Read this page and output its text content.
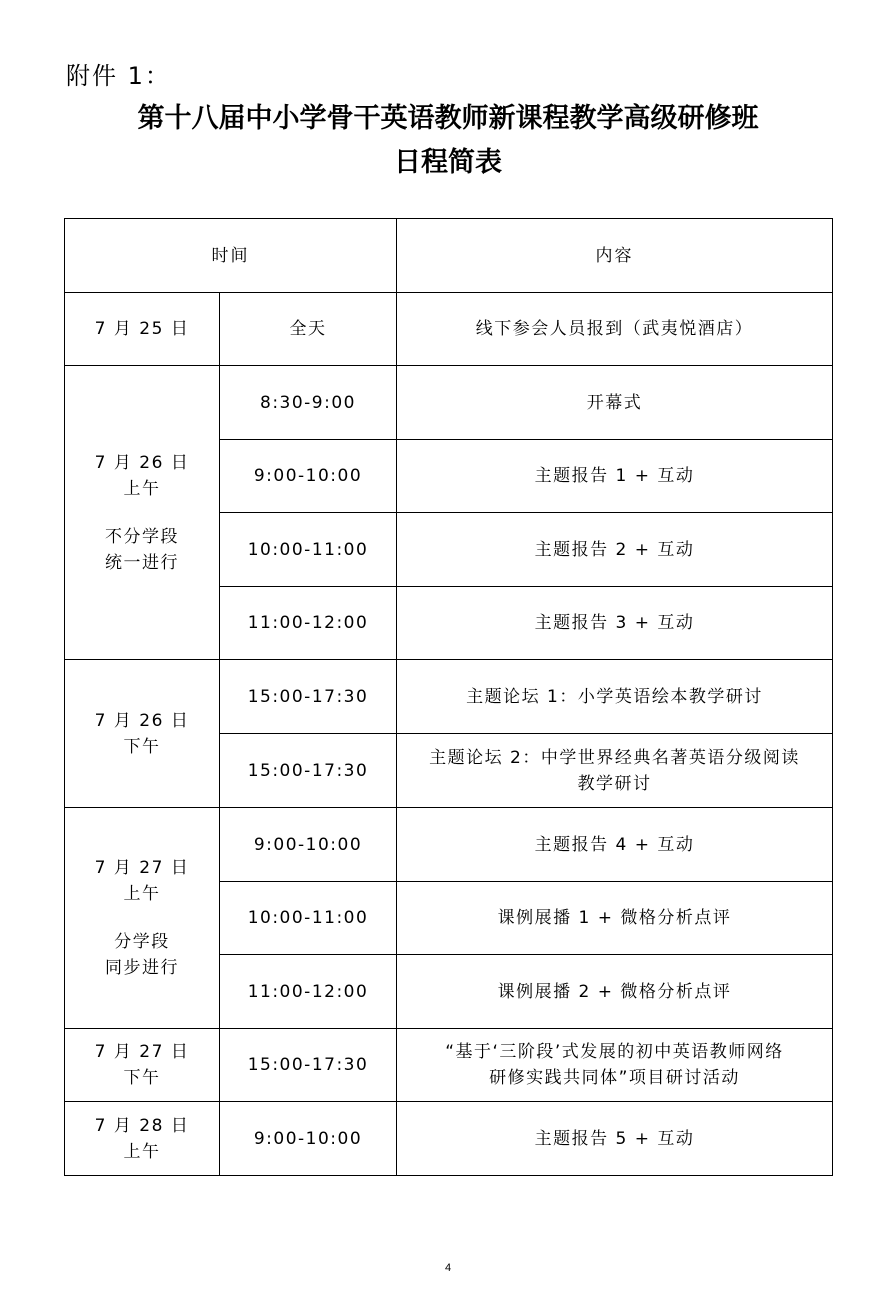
附件 1：
第十八届中小学骨干英语教师新课程教学高级研修班
日程简表
时间		内容
7 月 25 日	全天	线下参会人员报到（武夷悦酒店）

7 月 26 日
上午
不分学段
统一进行	8:30-9:00	开幕式
	9:00-10:00	主题报告 1 + 互动
	10:00-11:00	主题报告 2 + 互动
	11:00-12:00	主题报告 3 + 互动

7 月 26 日
下午	15:00-17:30	主题论坛 1：小学英语绘本教学研讨
	15:00-17:30	主题论坛 2：中学世界经典名著英语分级阅读
教学研讨

7 月 27 日
上午
分学段
同步进行	9:00-10:00	主题报告 4 + 互动
	10:00-11:00	课例展播 1 + 微格分析点评
	11:00-12:00	课例展播 2 + 微格分析点评

7 月 27 日
下午	15:00-17:30	“基于‘三阶段’式发展的初中英语教师网络
研修实践共同体”项目研讨活动

7 月 28 日
上午	9:00-10:00	主题报告 5 + 互动
4
